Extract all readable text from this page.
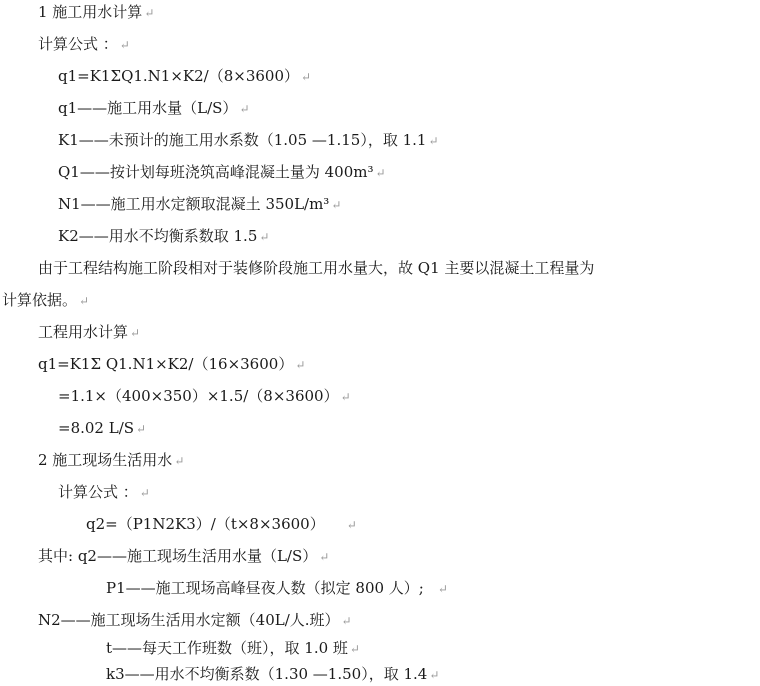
1 施工用水计算 ↵
计算公式 ： ↵
q1=K1ΣQ1.N1×K2/（8×3600） ↵
q1——施工用水量（L/S） ↵
K1——未预计的施工用水系数（1.05 —1.15），取 1.1 ↵
Q1——按计划每班浇筑高峰混凝土量为 400m³ ↵
N1——施工用水定额取混凝土 350L/m³ ↵
K2——用水不均衡系数取 1.5 ↵
由于工程结构施工阶段相对于装修阶段施工用水量大，故 Q1 主要以混凝土工程量为
计算依据。 ↵
工程用水计算 ↵
q1=K1Σ Q1.N1×K2/（16×3600） ↵
=1.1×（400×350）×1.5/（8×3600） ↵
=8.02 L/S ↵
2 施工现场生活用水 ↵
计算公式 ： ↵
q2=（P1N2K3）/（t×8×3600） ↵
其中: q2——施工现场生活用水量（L/S） ↵
P1——施工现场高峰昼夜人数（拟定 800 人）; ↵
N2——施工现场生活用水定额（40L/人.班） ↵
t——每天工作班数（班），取 1.0 班 ↵
k3——用水不均衡系数（1.30 —1.50），取 1.4 ↵
